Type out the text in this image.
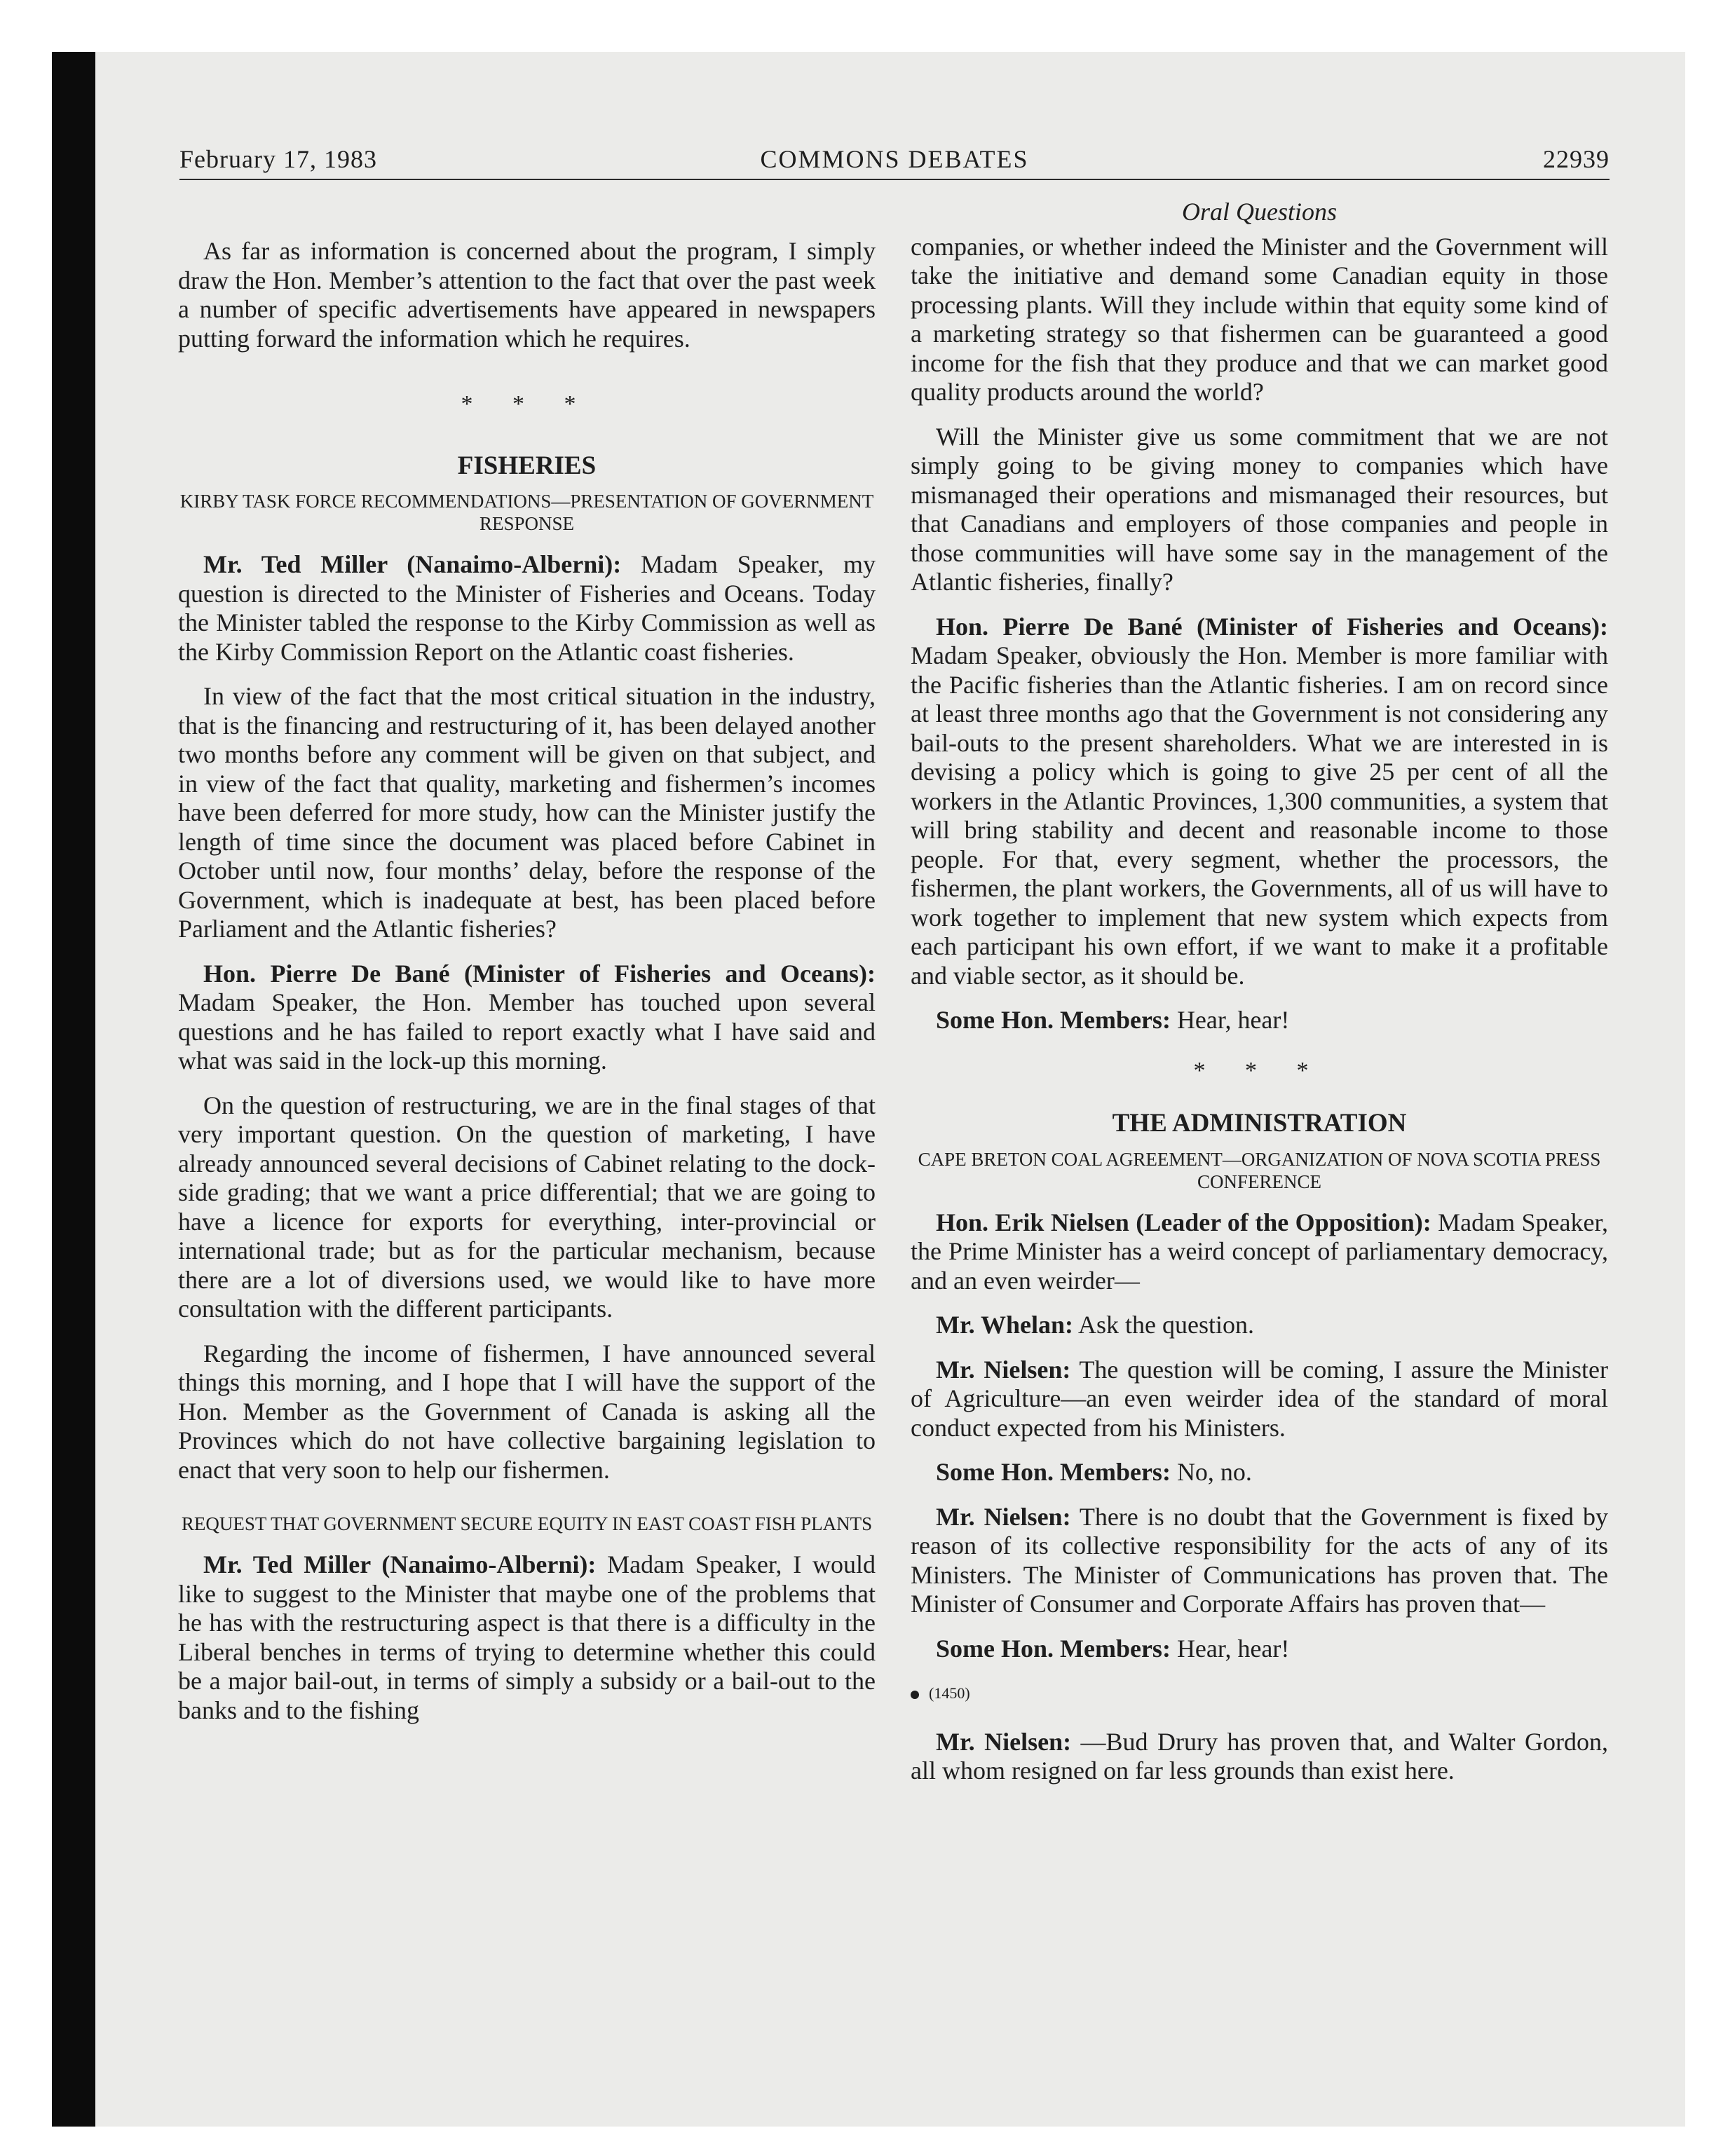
February 17, 1983	COMMONS DEBATES	22939

As far as information is concerned about the program, I simply draw the Hon. Member’s attention to the fact that over the past week a number of specific advertisements have appeared in newspapers putting forward the information which he requires.

* * *
FISHERIES
KIRBY TASK FORCE RECOMMENDATIONS—PRESENTATION OF GOVERNMENT RESPONSE

Mr. Ted Miller (Nanaimo-Alberni): Madam Speaker, my question is directed to the Minister of Fisheries and Oceans. Today the Minister tabled the response to the Kirby Commission as well as the Kirby Commission Report on the Atlantic coast fisheries.

In view of the fact that the most critical situation in the industry, that is the financing and restructuring of it, has been delayed another two months before any comment will be given on that subject, and in view of the fact that quality, marketing and fishermen’s incomes have been deferred for more study, how can the Minister justify the length of time since the document was placed before Cabinet in October until now, four months’ delay, before the response of the Government, which is inadequate at best, has been placed before Parliament and the Atlantic fisheries?

Hon. Pierre De Bané (Minister of Fisheries and Oceans): Madam Speaker, the Hon. Member has touched upon several questions and he has failed to report exactly what I have said and what was said in the lock-up this morning.

On the question of restructuring, we are in the final stages of that very important question. On the question of marketing, I have already announced several decisions of Cabinet relating to the dock-side grading; that we want a price differential; that we are going to have a licence for exports for everything, inter-provincial or international trade; but as for the particular mechanism, because there are a lot of diversions used, we would like to have more consultation with the different participants.

Regarding the income of fishermen, I have announced several things this morning, and I hope that I will have the support of the Hon. Member as the Government of Canada is asking all the Provinces which do not have collective bargaining legislation to enact that very soon to help our fishermen.

REQUEST THAT GOVERNMENT SECURE EQUITY IN EAST COAST FISH PLANTS

Mr. Ted Miller (Nanaimo-Alberni): Madam Speaker, I would like to suggest to the Minister that maybe one of the problems that he has with the restructuring aspect is that there is a difficulty in the Liberal benches in terms of trying to determine whether this could be a major bail-out, in terms of simply a subsidy or a bail-out to the banks and to the fishing

Oral Questions

companies, or whether indeed the Minister and the Government will take the initiative and demand some Canadian equity in those processing plants. Will they include within that equity some kind of a marketing strategy so that fishermen can be guaranteed a good income for the fish that they produce and that we can market good quality products around the world?

Will the Minister give us some commitment that we are not simply going to be giving money to companies which have mismanaged their operations and mismanaged their resources, but that Canadians and employers of those companies and people in those communities will have some say in the management of the Atlantic fisheries, finally?

Hon. Pierre De Bané (Minister of Fisheries and Oceans): Madam Speaker, obviously the Hon. Member is more familiar with the Pacific fisheries than the Atlantic fisheries. I am on record since at least three months ago that the Government is not considering any bail-outs to the present shareholders. What we are interested in is devising a policy which is going to give 25 per cent of all the workers in the Atlantic Provinces, 1,300 communities, a system that will bring stability and decent and reasonable income to those people. For that, every segment, whether the processors, the fishermen, the plant workers, the Governments, all of us will have to work together to implement that new system which expects from each participant his own effort, if we want to make it a profitable and viable sector, as it should be.

Some Hon. Members: Hear, hear!

* * *
THE ADMINISTRATION
CAPE BRETON COAL AGREEMENT—ORGANIZATION OF NOVA SCOTIA PRESS CONFERENCE

Hon. Erik Nielsen (Leader of the Opposition): Madam Speaker, the Prime Minister has a weird concept of parliamentary democracy, and an even weirder—

Mr. Whelan: Ask the question.

Mr. Nielsen: The question will be coming, I assure the Minister of Agriculture—an even weirder idea of the standard of moral conduct expected from his Ministers.

Some Hon. Members: No, no.

Mr. Nielsen: There is no doubt that the Government is fixed by reason of its collective responsibility for the acts of any of its Ministers. The Minister of Communications has proven that. The Minister of Consumer and Corporate Affairs has proven that—

Some Hon. Members: Hear, hear!

(1450)

Mr. Nielsen: —Bud Drury has proven that, and Walter Gordon, all whom resigned on far less grounds than exist here.
